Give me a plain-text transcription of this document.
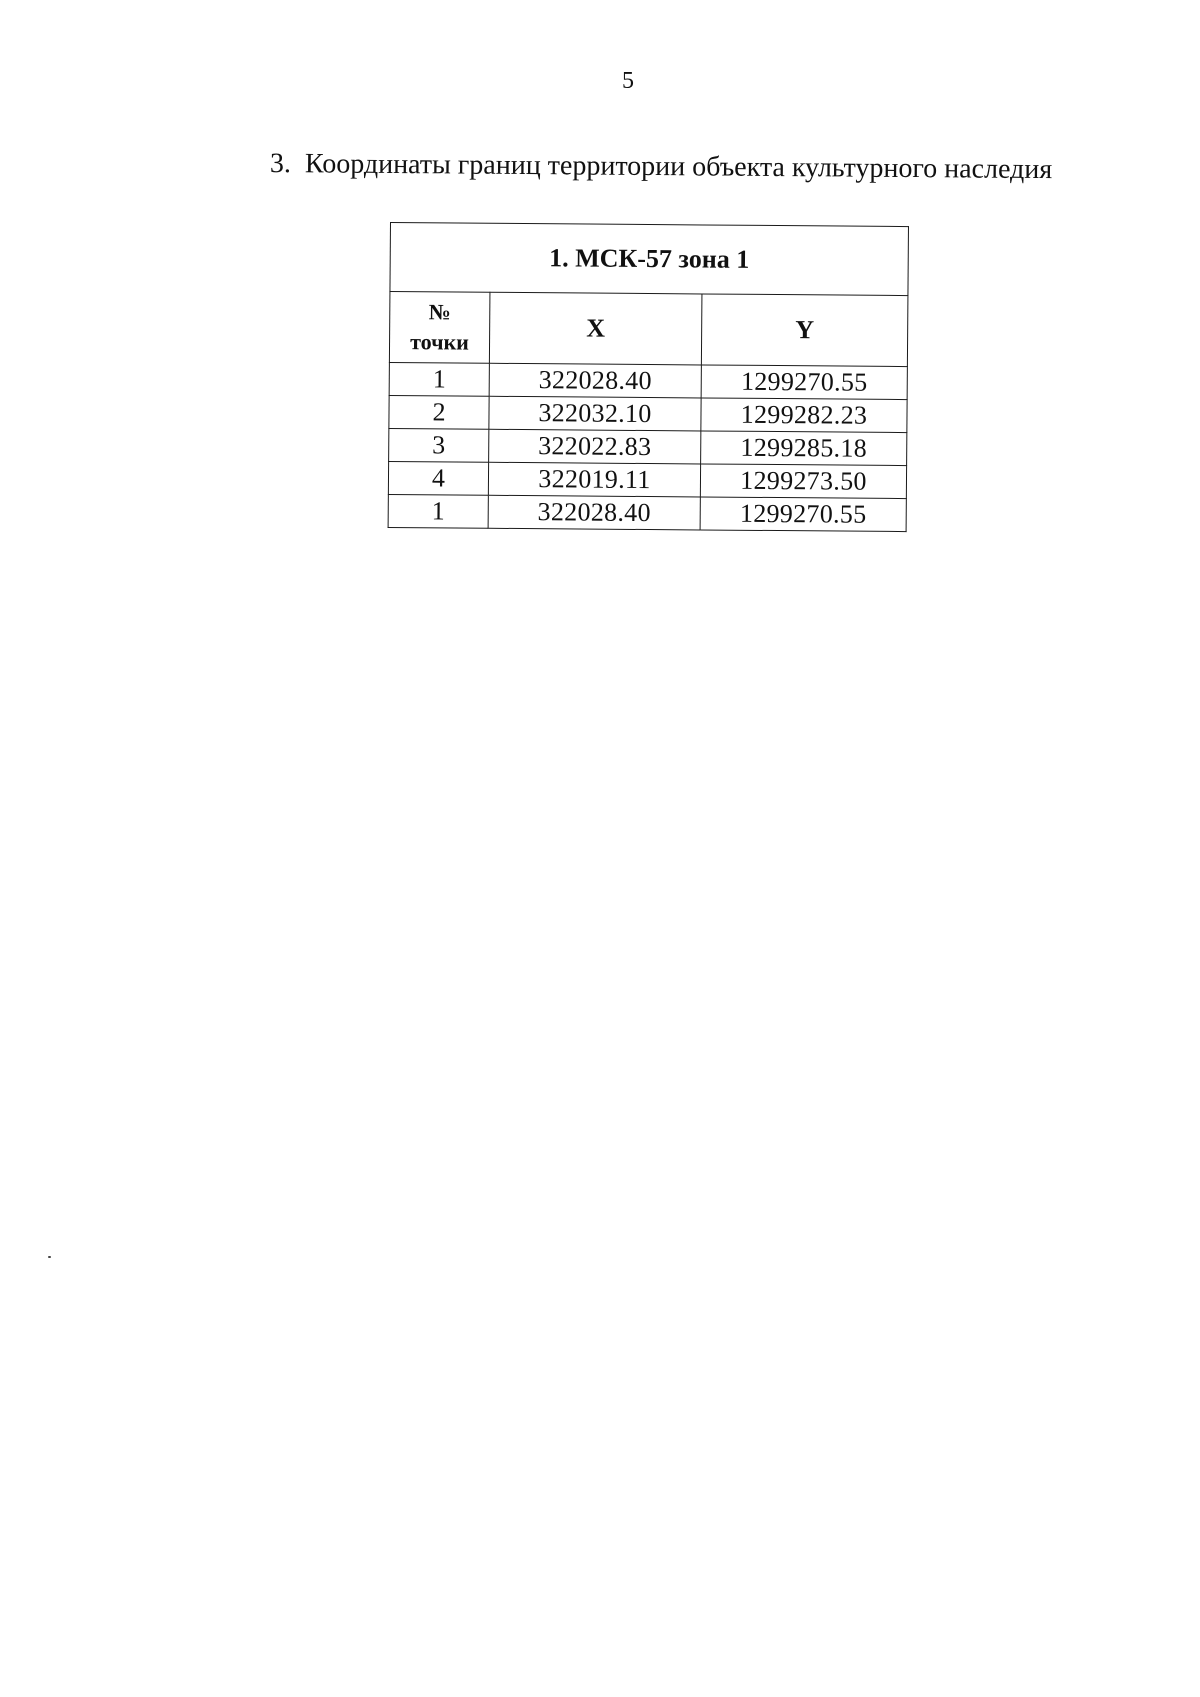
5
3. Координаты границ территории объекта культурного наследия
1. МСК-57 зона 1		

№
точки	X	Y
1	322028.40	1299270.55
2	322032.10	1299282.23
3	322022.83	1299285.18
4	322019.11	1299273.50
1	322028.40	1299270.55
